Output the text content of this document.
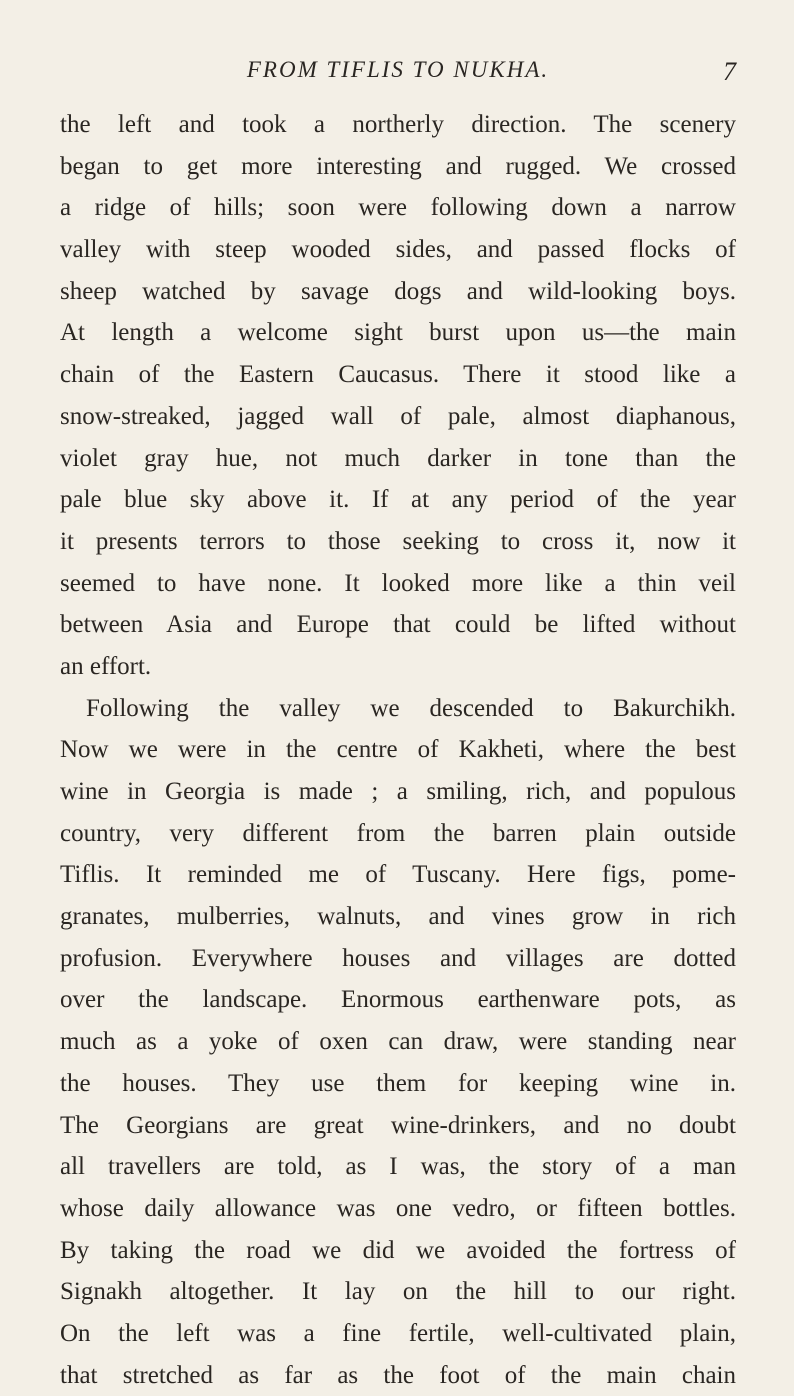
FROM TIFLIS TO NUKHA.	7
the left and took a northerly direction. The scenery
began to get more interesting and rugged. We crossed
a ridge of hills; soon were following down a narrow
valley with steep wooded sides, and passed flocks of
sheep watched by savage dogs and wild-looking boys.
At length a welcome sight burst upon us—the main
chain of the Eastern Caucasus. There it stood like a
snow-streaked, jagged wall of pale, almost diaphanous,
violet gray hue, not much darker in tone than the
pale blue sky above it. If at any period of the year
it presents terrors to those seeking to cross it, now it
seemed to have none. It looked more like a thin veil
between Asia and Europe that could be lifted without
an effort.
Following the valley we descended to Bakurchikh.
Now we were in the centre of Kakheti, where the best
wine in Georgia is made ; a smiling, rich, and populous
country, very different from the barren plain outside
Tiflis. It reminded me of Tuscany. Here figs, pome-
granates, mulberries, walnuts, and vines grow in rich
profusion. Everywhere houses and villages are dotted
over the landscape. Enormous earthenware pots, as
much as a yoke of oxen can draw, were standing near
the houses. They use them for keeping wine in.
The Georgians are great wine-drinkers, and no doubt
all travellers are told, as I was, the story of a man
whose daily allowance was one vedro, or fifteen bottles.
By taking the road we did we avoided the fortress of
Signakh altogether. It lay on the hill to our right.
On the left was a fine fertile, well-cultivated plain,
that stretched as far as the foot of the main chain
